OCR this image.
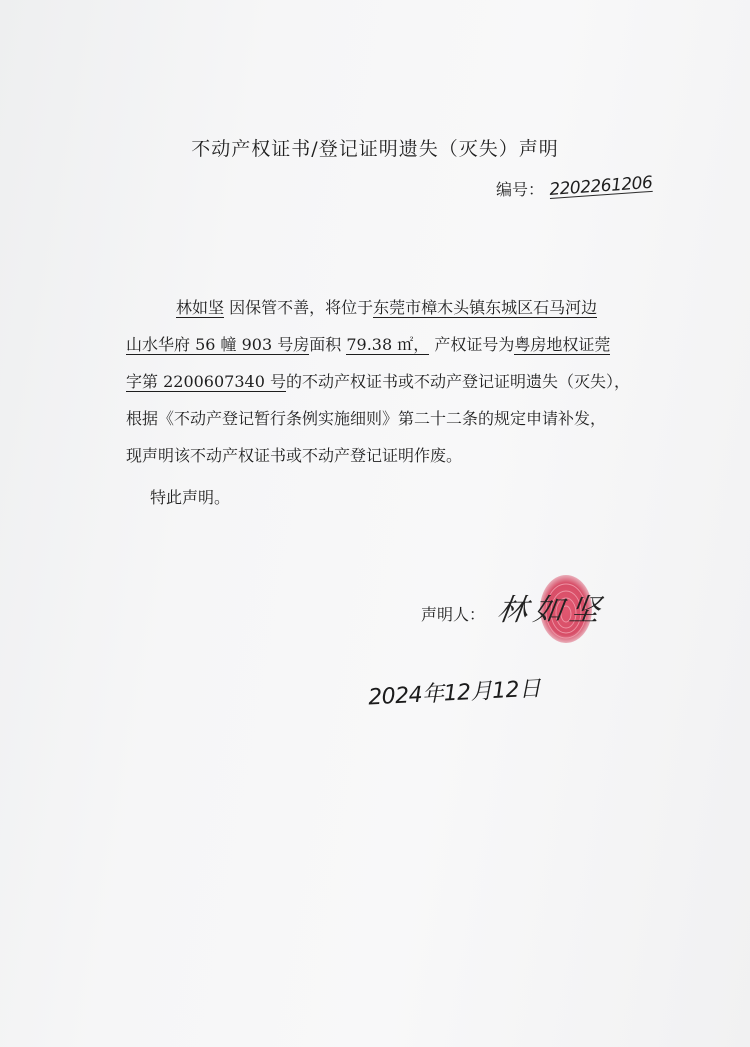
不动产权证书/登记证明遗失（灭失）声明
编号： 2202261206
林如坚 因保管不善，将位于东莞市樟木头镇东城区石马河边
山水华府 56 幢 903 号房面积 79.38 ㎡， 产权证号为粤房地权证莞
字第 2200607340 号的不动产权证书或不动产登记证明遗失（灭失），
根据《不动产登记暂行条例实施细则》第二十二条的规定申请补发，
现声明该不动产权证书或不动产登记证明作废。
特此声明。
声明人： 林如坚
2024年12月12日
